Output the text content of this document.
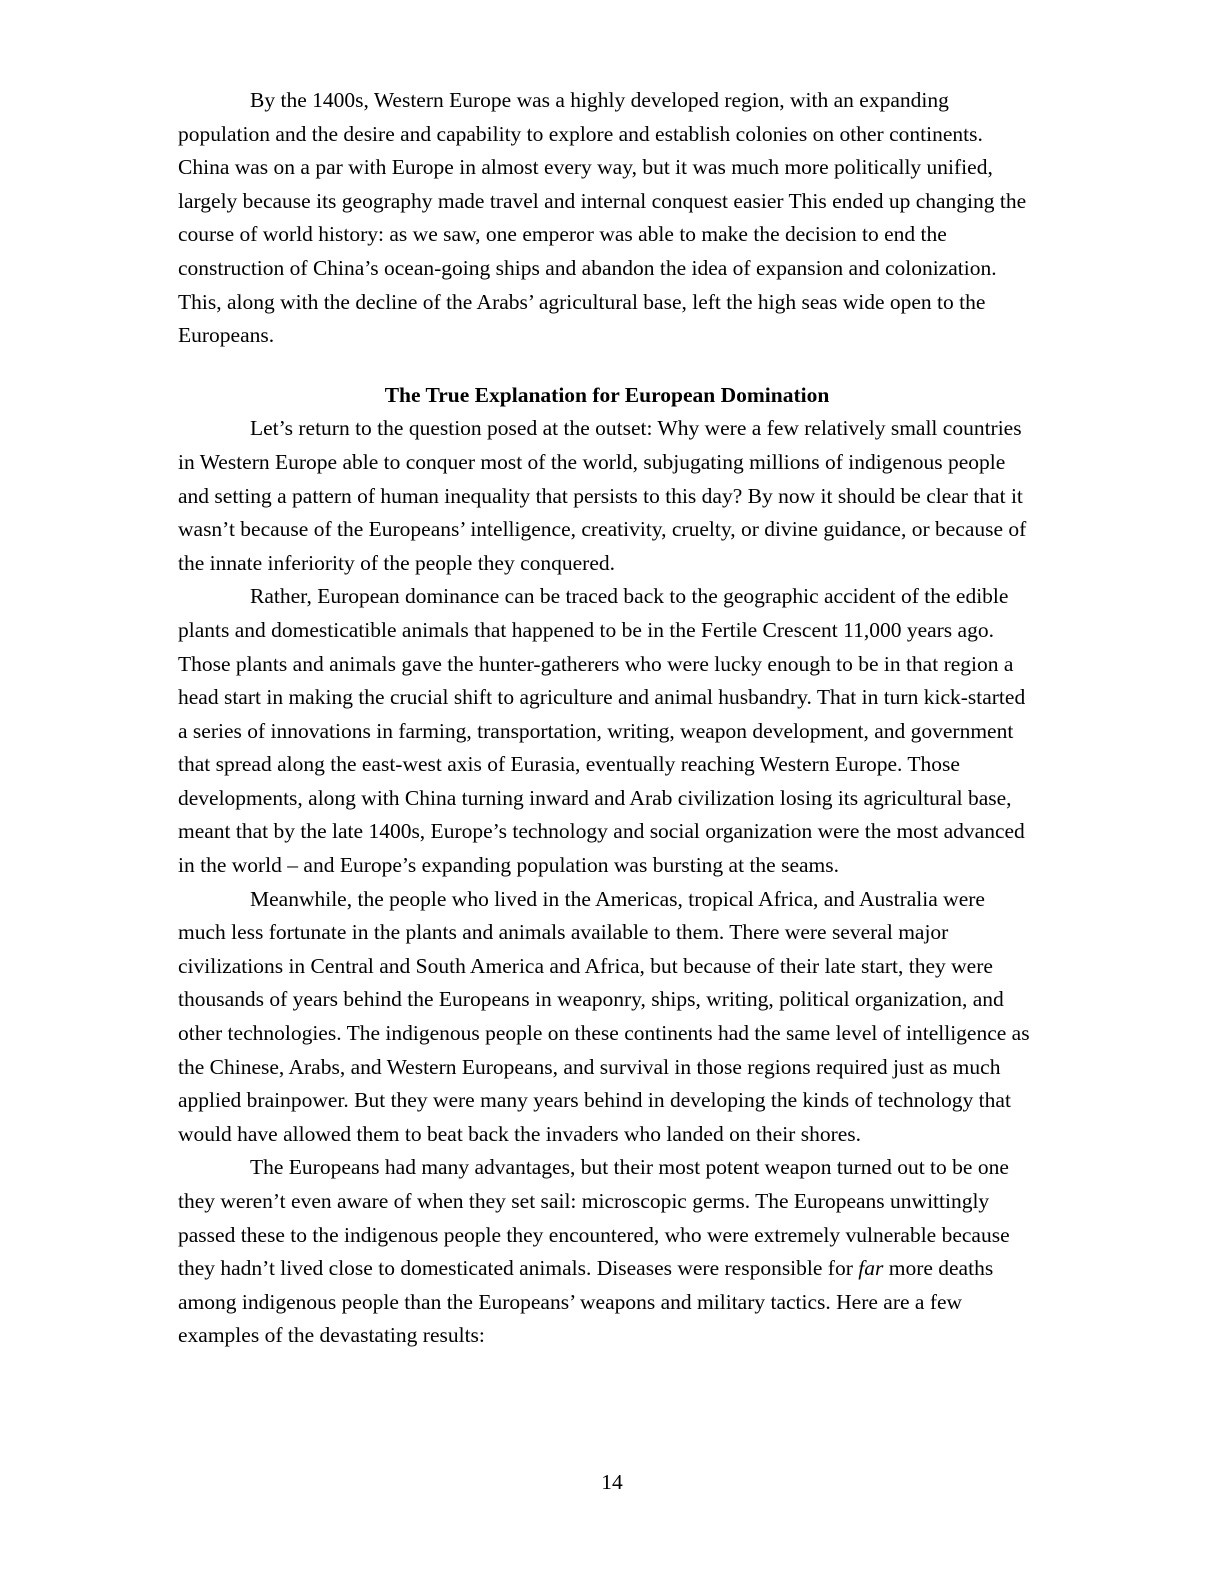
By the 1400s, Western Europe was a highly developed region, with an expanding population and the desire and capability to explore and establish colonies on other continents. China was on a par with Europe in almost every way, but it was much more politically unified, largely because its geography made travel and internal conquest easier This ended up changing the course of world history: as we saw, one emperor was able to make the decision to end the construction of China’s ocean-going ships and abandon the idea of expansion and colonization. This, along with the decline of the Arabs’ agricultural base, left the high seas wide open to the Europeans.

The True Explanation for European Domination

Let’s return to the question posed at the outset: Why were a few relatively small countries in Western Europe able to conquer most of the world, subjugating millions of indigenous people and setting a pattern of human inequality that persists to this day? By now it should be clear that it wasn’t because of the Europeans’ intelligence, creativity, cruelty, or divine guidance, or because of the innate inferiority of the people they conquered.

Rather, European dominance can be traced back to the geographic accident of the edible plants and domesticatible animals that happened to be in the Fertile Crescent 11,000 years ago. Those plants and animals gave the hunter-gatherers who were lucky enough to be in that region a head start in making the crucial shift to agriculture and animal husbandry. That in turn kick-started a series of innovations in farming, transportation, writing, weapon development, and government that spread along the east-west axis of Eurasia, eventually reaching Western Europe. Those developments, along with China turning inward and Arab civilization losing its agricultural base, meant that by the late 1400s, Europe’s technology and social organization were the most advanced in the world – and Europe’s expanding population was bursting at the seams.

Meanwhile, the people who lived in the Americas, tropical Africa, and Australia were much less fortunate in the plants and animals available to them. There were several major civilizations in Central and South America and Africa, but because of their late start, they were thousands of years behind the Europeans in weaponry, ships, writing, political organization, and other technologies. The indigenous people on these continents had the same level of intelligence as the Chinese, Arabs, and Western Europeans, and survival in those regions required just as much applied brainpower. But they were many years behind in developing the kinds of technology that would have allowed them to beat back the invaders who landed on their shores.

The Europeans had many advantages, but their most potent weapon turned out to be one they weren’t even aware of when they set sail: microscopic germs. The Europeans unwittingly passed these to the indigenous people they encountered, who were extremely vulnerable because they hadn’t lived close to domesticated animals. Diseases were responsible for far more deaths among indigenous people than the Europeans’ weapons and military tactics. Here are a few examples of the devastating results:

14
